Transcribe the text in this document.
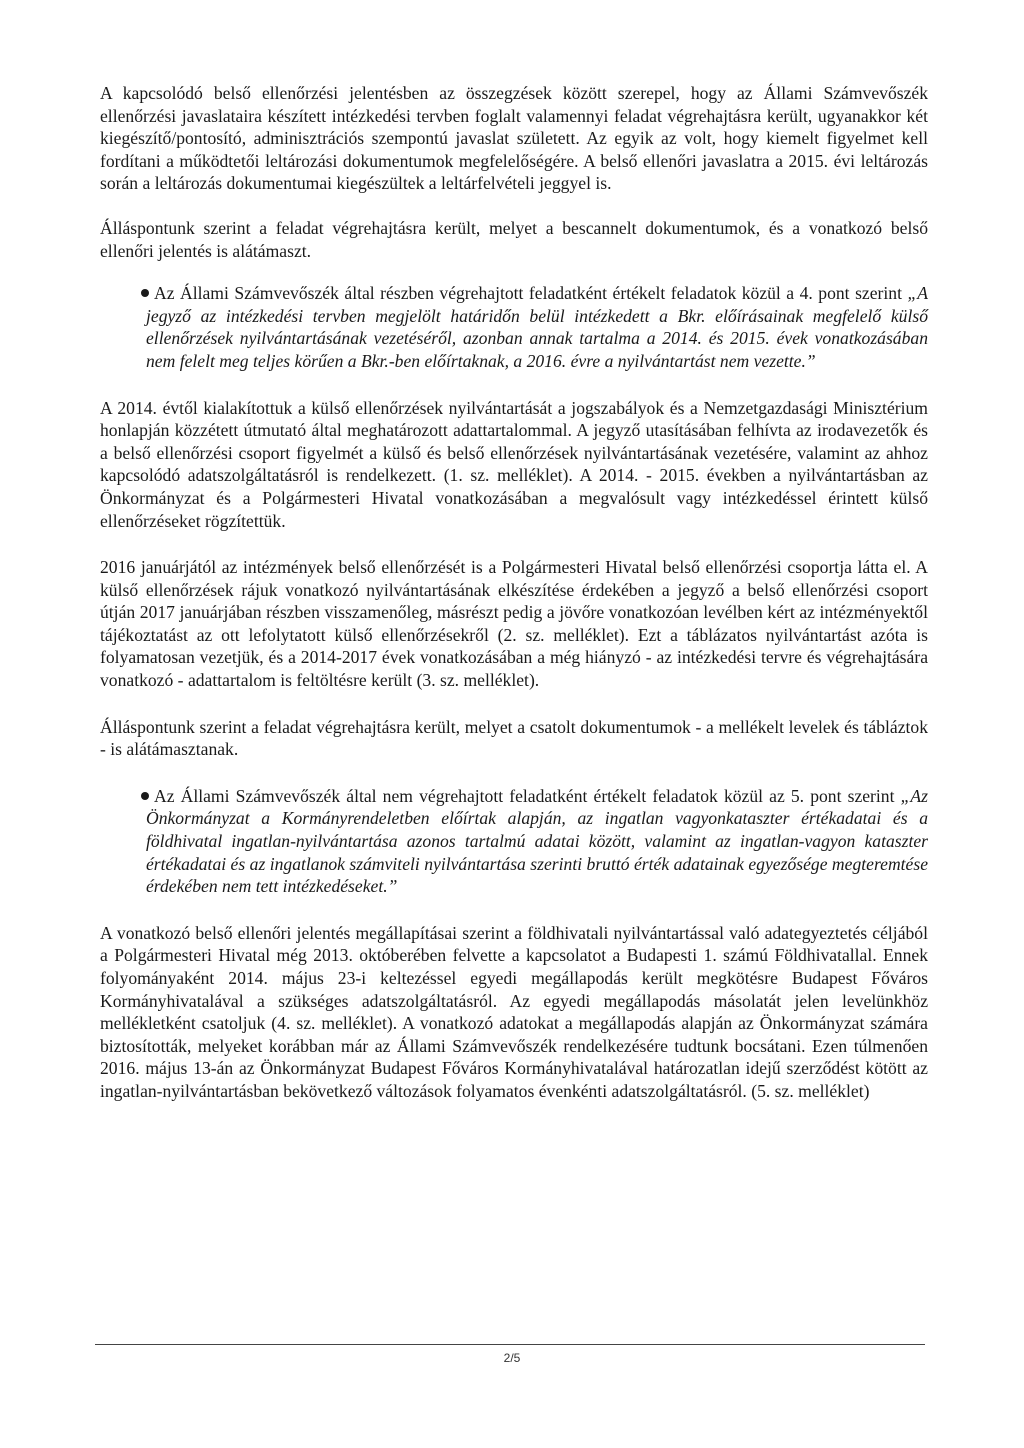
A kapcsolódó belső ellenőrzési jelentésben az összegzések között szerepel, hogy az Állami Számvevőszék ellenőrzési javaslataira készített intézkedési tervben foglalt valamennyi feladat végrehajtásra került, ugyanakkor két kiegészítő/pontosító, adminisztrációs szempontú javaslat született. Az egyik az volt, hogy kiemelt figyelmet kell fordítani a működtetői leltározási dokumentumok megfelelőségére. A belső ellenőri javaslatra a 2015. évi leltározás során a leltározás dokumentumai kiegészültek a leltárfelvételi jeggyel is.

Álláspontunk szerint a feladat végrehajtásra került, melyet a bescannelt dokumentumok, és a vonatkozó belső ellenőri jelentés is alátámaszt.

Az Állami Számvevőszék által részben végrehajtott feladatként értékelt feladatok közül a 4. pont szerint „A jegyző az intézkedési tervben megjelölt határidőn belül intézkedett a Bkr. előírásainak megfelelő külső ellenőrzések nyilvántartásának vezetéséről, azonban annak tartalma a 2014. és 2015. évek vonatkozásában nem felelt meg teljes körűen a Bkr.-ben előírtaknak, a 2016. évre a nyilvántartást nem vezette.”

A 2014. évtől kialakítottuk a külső ellenőrzések nyilvántartását a jogszabályok és a Nemzetgazdasági Minisztérium honlapján közzétett útmutató által meghatározott adattartalommal. A jegyző utasításában felhívta az irodavezetők és a belső ellenőrzési csoport figyelmét a külső és belső ellenőrzések nyilvántartásának vezetésére, valamint az ahhoz kapcsolódó adatszolgáltatásról is rendelkezett. (1. sz. melléklet). A 2014. - 2015. években a nyilvántartásban az Önkormányzat és a Polgármesteri Hivatal vonatkozásában a megvalósult vagy intézkedéssel érintett külső ellenőrzéseket rögzítettük.

2016 januárjától az intézmények belső ellenőrzését is a Polgármesteri Hivatal belső ellenőrzési csoportja látta el. A külső ellenőrzések rájuk vonatkozó nyilvántartásának elkészítése érdekében a jegyző a belső ellenőrzési csoport útján 2017 januárjában részben visszamenőleg, másrészt pedig a jövőre vonatkozóan levélben kért az intézményektől tájékoztatást az ott lefolytatott külső ellenőrzésekről (2. sz. melléklet). Ezt a táblázatos nyilvántartást azóta is folyamatosan vezetjük, és a 2014-2017 évek vonatkozásában a még hiányzó - az intézkedési tervre és végrehajtására vonatkozó - adattartalom is feltöltésre került (3. sz. melléklet).

Álláspontunk szerint a feladat végrehajtásra került, melyet a csatolt dokumentumok - a mellékelt levelek és tábláztok - is alátámasztanak.

Az Állami Számvevőszék által nem végrehajtott feladatként értékelt feladatok közül az 5. pont szerint „Az Önkormányzat a Kormányrendeletben előírtak alapján, az ingatlan vagyonkataszter értékadatai és a földhivatal ingatlan-nyilvántartása azonos tartalmú adatai között, valamint az ingatlan-vagyon kataszter értékadatai és az ingatlanok számviteli nyilvántartása szerinti bruttó érték adatainak egyezősége megteremtése érdekében nem tett intézkedéseket.”

A vonatkozó belső ellenőri jelentés megállapításai szerint a földhivatali nyilvántartással való adategyeztetés céljából a Polgármesteri Hivatal még 2013. októberében felvette a kapcsolatot a Budapesti 1. számú Földhivatallal. Ennek folyományaként 2014. május 23-i keltezéssel egyedi megállapodás került megkötésre Budapest Főváros Kormányhivatalával a szükséges adatszolgáltatásról. Az egyedi megállapodás másolatát jelen levelünkhöz mellékletként csatoljuk (4. sz. melléklet). A vonatkozó adatokat a megállapodás alapján az Önkormányzat számára biztosították, melyeket korábban már az Állami Számvevőszék rendelkezésére tudtunk bocsátani. Ezen túlmenően 2016. május 13-án az Önkormányzat Budapest Főváros Kormányhivatalával határozatlan idejű szerződést kötött az ingatlan-nyilvántartásban bekövetkező változások folyamatos évenkénti adatszolgáltatásról. (5. sz. melléklet)

2/5
